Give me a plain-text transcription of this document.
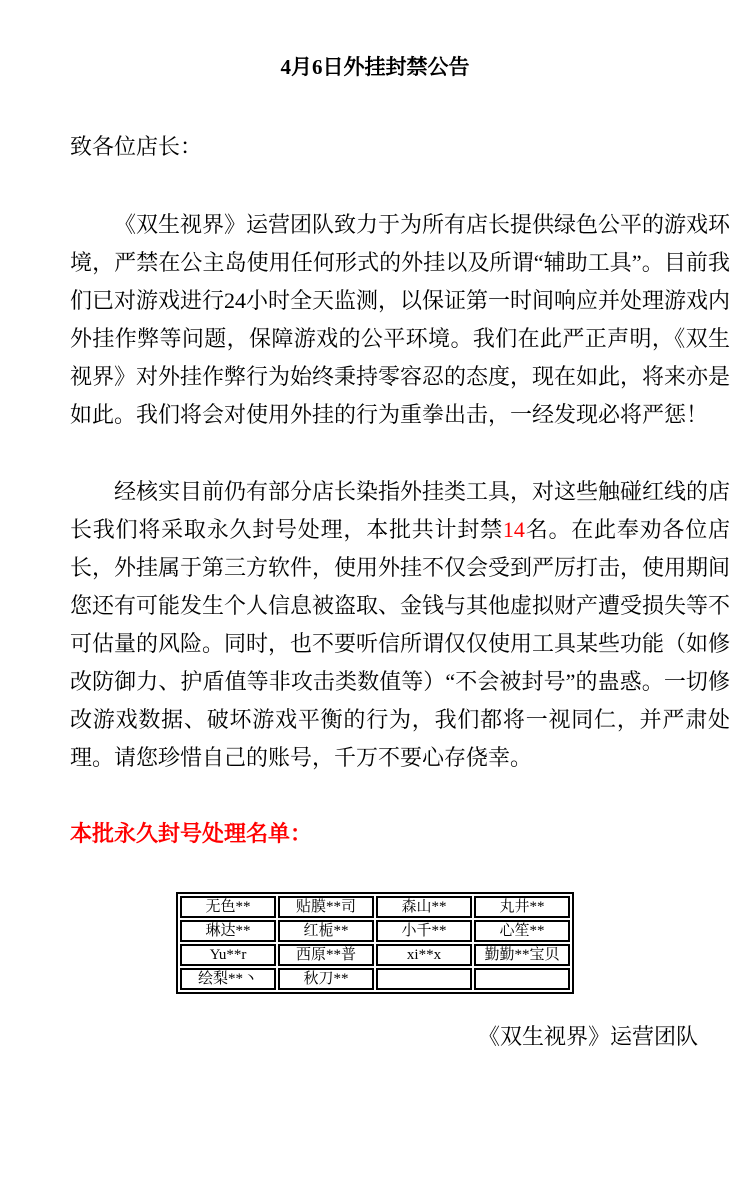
4月6日外挂封禁公告

致各位店长：

《双生视界》运营团队致力于为所有店长提供绿色公平的游戏环境，严禁在公主岛使用任何形式的外挂以及所谓“辅助工具”。目前我们已对游戏进行24小时全天监测，以保证第一时间响应并处理游戏内外挂作弊等问题，保障游戏的公平环境。我们在此严正声明，《双生视界》对外挂作弊行为始终秉持零容忍的态度，现在如此，将来亦是如此。我们将会对使用外挂的行为重拳出击，一经发现必将严惩！

经核实目前仍有部分店长染指外挂类工具，对这些触碰红线的店长我们将采取永久封号处理，本批共计封禁14名。在此奉劝各位店长，外挂属于第三方软件，使用外挂不仅会受到严厉打击，使用期间您还有可能发生个人信息被盗取、金钱与其他虚拟财产遭受损失等不可估量的风险。同时，也不要听信所谓仅仅使用工具某些功能（如修改防御力、护盾值等非攻击类数值等）“不会被封号”的蛊惑。一切修改游戏数据、破坏游戏平衡的行为，我们都将一视同仁，并严肃处理。请您珍惜自己的账号，千万不要心存侥幸。

本批永久封号处理名单：

无色**	贴膜**司	森山**	丸井**
琳达**	红栀**	小千**	心笙**
Yu**r	西原**普	xi**x	勤勤**宝贝
绘梨**丶	秋刀**		

《双生视界》运营团队
